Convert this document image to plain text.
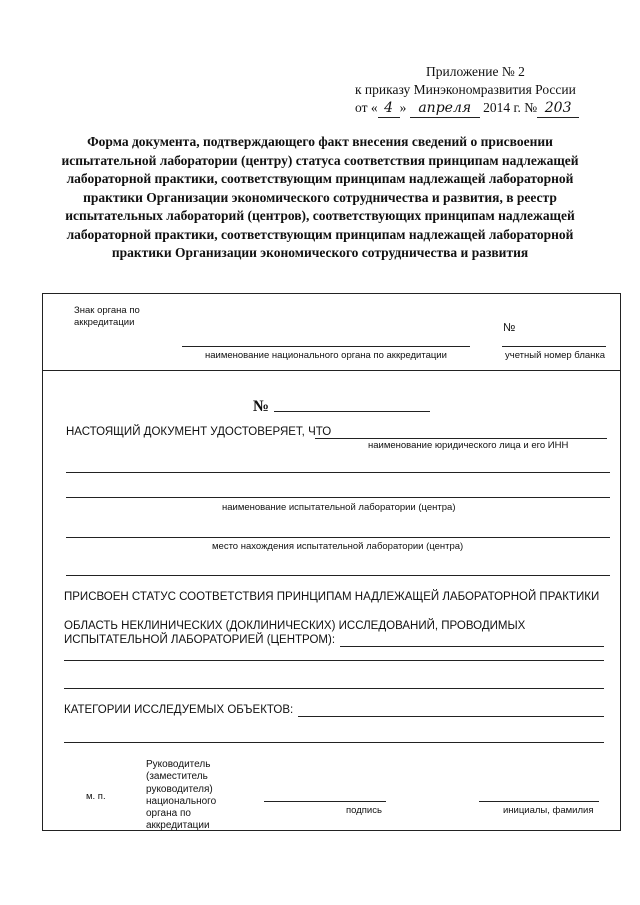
Приложение № 2
к приказу Минэкономразвития России
от « 4 » апреля 2014 г. № 203
Форма документа, подтверждающего факт внесения сведений о присвоении испытательной лаборатории (центру) статуса соответствия принципам надлежащей лабораторной практики, соответствующим принципам надлежащей лабораторной практики Организации экономического сотрудничества и развития, в реестр испытательных лабораторий (центров), соответствующих принципам надлежащей лабораторной практики, соответствующим принципам надлежащей лабораторной практики Организации экономического сотрудничества и развития
Знак органа по аккредитации	№
наименование национального органа по аккредитации	учетный номер бланка
№
НАСТОЯЩИЙ ДОКУМЕНТ УДОСТОВЕРЯЕТ, ЧТО
наименование юридического лица и его ИНН
наименование испытательной лаборатории (центра)
место нахождения испытательной лаборатории (центра)
ПРИСВОЕН СТАТУС СООТВЕТСТВИЯ ПРИНЦИПАМ НАДЛЕЖАЩЕЙ ЛАБОРАТОРНОЙ ПРАКТИКИ
ОБЛАСТЬ НЕКЛИНИЧЕСКИХ (ДОКЛИНИЧЕСКИХ) ИССЛЕДОВАНИЙ, ПРОВОДИМЫХ
ИСПЫТАТЕЛЬНОЙ ЛАБОРАТОРИЕЙ (ЦЕНТРОМ):
КАТЕГОРИИ ИССЛЕДУЕМЫХ ОБЪЕКТОВ:
м. п.
Руководитель (заместитель руководителя) национального органа по аккредитации
подпись	инициалы, фамилия
